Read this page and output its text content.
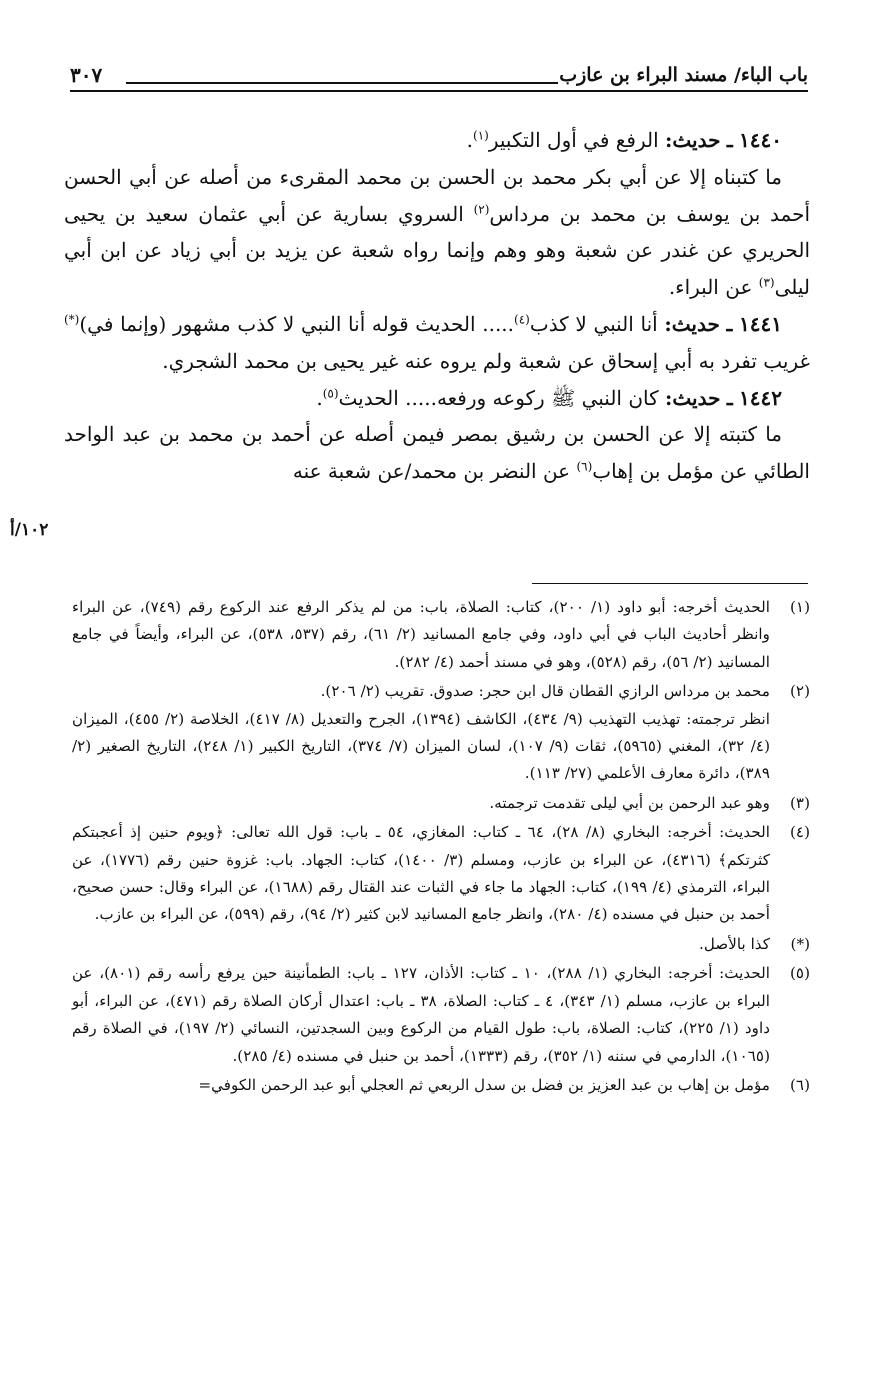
باب الباء/ مسند البراء بن عازب
٣٠٧

١٤٤٠ ـ حديث: الرفع في أول التكبير$^{(١)}$.

ما كتبناه إلا عن أبي بكر محمد بن الحسن بن محمد المقرىء من أصله عن أبي الحسن أحمد بن يوسف بن محمد بن مرداس$^{(٢)}$ السروي بسارية عن أبي عثمان سعيد بن يحيى الحريري عن غندر عن شعبة وهو وهم وإنما رواه شعبة عن يزيد بن أبي زياد عن ابن أبي ليلى$^{(٣)}$ عن البراء.

١٤٤١ ـ حديث: أنا النبي لا كذب$^{(٤)}$..... الحديث قوله أنا النبي لا كذب مشهور (وإنما في)(*) غريب تفرد به أبي إسحاق عن شعبة ولم يروه عنه غير يحيى بن محمد الشجري.

١٤٤٢ ـ حديث: كان النبي ﷺ ركوعه ورفعه..... الحديث$^{(٥)}$.

ما كتبته إلا عن الحسن بن رشيق بمصر فيمن أصله عن أحمد بن محمد بن عبد الواحد الطائي عن مؤمل بن إهاب$^{(٦)}$ عن النضر بن محمد/عن شعبة عنه

١٠٢/أ
(١)

الحديث أخرجه: أبو داود (١/ ٢٠٠)، كتاب: الصلاة، باب: من لم يذكر الرفع عند الركوع رقم (٧٤٩)، عن البراء وانظر أحاديث الباب في أبي داود، وفي جامع المسانيد (٢/ ٦١)، رقم (٥٣٧، ٥٣٨)، عن البراء، وأيضاً في جامع المسانيد (٢/ ٥٦)، رقم (٥٢٨)، وهو في مسند أحمد (٤/ ٢٨٢).

(٢)

محمد بن مرداس الرازي القطان قال ابن حجر: صدوق. تقريب (٢/ ٢٠٦).

انظر ترجمته: تهذيب التهذيب (٩/ ٤٣٤)، الكاشف (١٣٩٤)، الجرح والتعديل (٨/ ٤١٧)، الخلاصة (٢/ ٤٥٥)، الميزان (٤/ ٣٢)، المغني (٥٩٦٥)، ثقات (٩/ ١٠٧)، لسان الميزان (٧/ ٣٧٤)، التاريخ الكبير (١/ ٢٤٨)، التاريخ الصغير (٢/ ٣٨٩)، دائرة معارف الأعلمي (٢٧/ ١١٣).

(٣)

وهو عبد الرحمن بن أبي ليلى تقدمت ترجمته.

(٤)

الحديث: أخرجه: البخاري (٨/ ٢٨)، ٦٤ ـ كتاب: المغازي، ٥٤ ـ باب: قول الله تعالى: ﴿ويوم حنين إذ أعجبتكم كثرتكم﴾ (٤٣١٦)، عن البراء بن عازب، ومسلم (٣/ ١٤٠٠)، كتاب: الجهاد. باب: غزوة حنين رقم (١٧٧٦)، عن البراء، الترمذي (٤/ ١٩٩)، كتاب: الجهاد ما جاء في الثبات عند القتال رقم (١٦٨٨)، عن البراء وقال: حسن صحيح، أحمد بن حنبل في مسنده (٤/ ٢٨٠)، وانظر جامع المسانيد لابن كثير (٢/ ٩٤)، رقم (٥٩٩)، عن البراء بن عازب.

(*)

كذا بالأصل.

(٥)

الحديث: أخرجه: البخاري (١/ ٢٨٨)، ١٠ ـ كتاب: الأذان، ١٢٧ ـ باب: الطمأنينة حين يرفع رأسه رقم (٨٠١)، عن البراء بن عازب، مسلم (١/ ٣٤٣)، ٤ ـ كتاب: الصلاة، ٣٨ ـ باب: اعتدال أركان الصلاة رقم (٤٧١)، عن البراء، أبو داود (١/ ٢٢٥)، كتاب: الصلاة، باب: طول القيام من الركوع وبين السجدتين، النسائي (٢/ ١٩٧)، في الصلاة رقم (١٠٦٥)، الدارمي في سننه (١/ ٣٥٢)، رقم (١٣٣٣)، أحمد بن حنبل في مسنده (٤/ ٢٨٥).

(٦)

مؤمل بن إهاب بن عبد العزيز بن فضل بن سدل الربعي ثم العجلي أبو عبد الرحمن الكوفي=
